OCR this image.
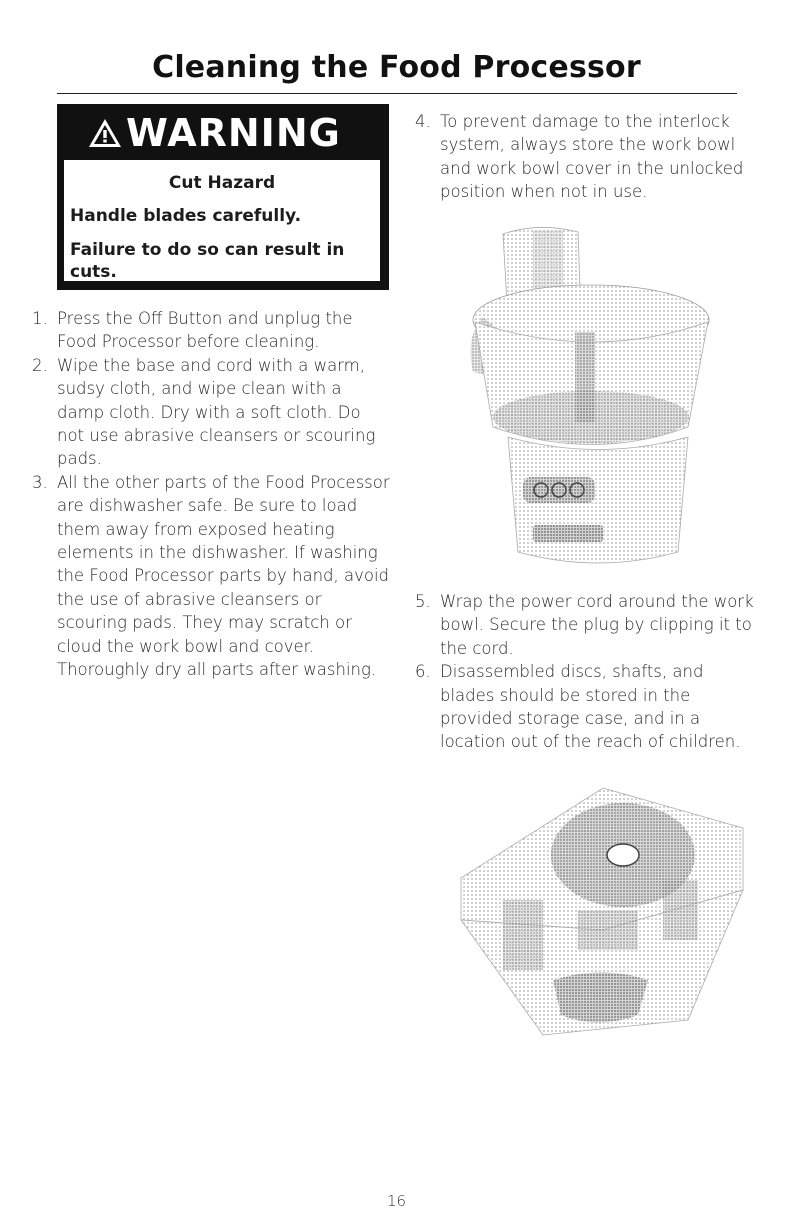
Cleaning the Food Processor
WARNING
Cut Hazard
Handle blades carefully.
Failure to do so can result in cuts.
1. Press the Off Button and unplug the Food Processor before cleaning.
2. Wipe the base and cord with a warm, sudsy cloth, and wipe clean with a damp cloth. Dry with a soft cloth. Do not use abrasive cleansers or scouring pads.
3. All the other parts of the Food Processor are dishwasher safe. Be sure to load them away from exposed heating elements in the dishwasher. If washing the Food Processor parts by hand, avoid the use of abrasive cleansers or scouring pads. They may scratch or cloud the work bowl and cover. Thoroughly dry all parts after washing.
4. To prevent damage to the interlock system, always store the work bowl and work bowl cover in the unlocked position when not in use.
5. Wrap the power cord around the work bowl. Secure the plug by clipping it to the cord.
6. Disassembled discs, shafts, and blades should be stored in the provided storage case, and in a location out of the reach of children.
16
